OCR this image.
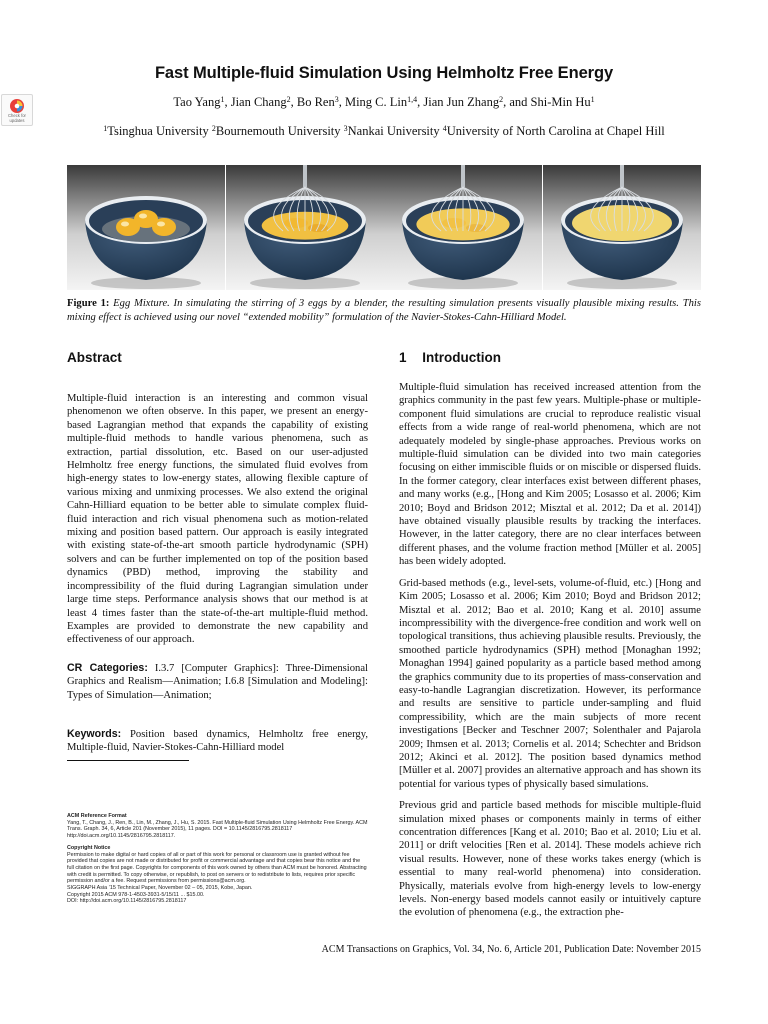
Check for
updates
Fast Multiple-fluid Simulation Using Helmholtz Free Energy
Tao Yang$^1$, Jian Chang$^2$, Bo Ren$^3$, Ming C. Lin$^{1,4}$, Jian Jun Zhang$^2$, and Shi-Min Hu$^1$
$^1$Tsinghua University $^2$Bournemouth University $^3$Nankai University $^4$University of North Carolina at Chapel Hill
Figure 1: Egg Mixture. In simulating the stirring of 3 eggs by a blender, the resulting simulation presents visually plausible mixing results. This mixing effect is achieved using our novel “extended mobility” formulation of the Navier-Stokes-Cahn-Hilliard Model.
Abstract

Multiple-fluid interaction is an interesting and common visual phenomenon we often observe. In this paper, we present an energy-based Lagrangian method that expands the capability of existing multiple-fluid methods to handle various phenomena, such as extraction, partial dissolution, etc. Based on our user-adjusted Helmholtz free energy functions, the simulated fluid evolves from high-energy states to low-energy states, allowing flexible capture of various mixing and unmixing processes. We also extend the original Cahn-Hilliard equation to be better able to simulate complex fluid-fluid interaction and rich visual phenomena such as motion-related mixing and position based pattern. Our approach is easily integrated with existing state-of-the-art smooth particle hydrodynamic (SPH) solvers and can be further implemented on top of the position based dynamics (PBD) method, improving the stability and incompressibility of the fluid during Lagrangian simulation under large time steps. Performance analysis shows that our method is at least 4 times faster than the state-of-the-art multiple-fluid method. Examples are provided to demonstrate the new capability and effectiveness of our approach.

CR Categories: I.3.7 [Computer Graphics]: Three-Dimensional Graphics and Realism—Animation; I.6.8 [Simulation and Modeling]: Types of Simulation—Animation;
Keywords: Position based dynamics, Helmholtz free energy, Multiple-fluid, Navier-Stokes-Cahn-Hilliard model
ACM Reference Format
Yang, T., Chang, J., Ren, B., Lin, M., Zhang, J., Hu, S. 2015. Fast Multiple-fluid Simulation Using Helmholtz Free Energy. ACM Trans. Graph. 34, 6, Article 201 (November 2015), 11 pages. DOI = 10.1145/2816795.2818117 http://doi.acm.org/10.1145/2816795.2818117.
Copyright Notice
Permission to make digital or hard copies of all or part of this work for personal or classroom use is granted without fee provided that copies are not made or distributed for profit or commercial advantage and that copies bear this notice and the full citation on the first page. Copyrights for components of this work owned by others than ACM must be honored. Abstracting with credit is permitted. To copy otherwise, or republish, to post on servers or to redistribute to lists, requires prior specific permission and/or a fee. Request permissions from permissions@acm.org.
SIGGRAPH Asia ’15 Technical Paper, November 02 – 05, 2015, Kobe, Japan.
Copyright 2015 ACM 978-1-4503-3931-5/15/11 ... $15.00.
DOI: http://doi.acm.org/10.1145/2816795.2818117
1 Introduction

Multiple-fluid simulation has received increased attention from the graphics community in the past few years. Multiple-phase or multiple-component fluid simulations are crucial to reproduce realistic visual effects from a wide range of real-world phenomena, which are not adequately modeled by single-phase approaches. Previous works on multiple-fluid simulation can be divided into two main categories focusing on either immiscible fluids or on miscible or dispersed fluids. In the former category, clear interfaces exist between different phases, and many works (e.g., [Hong and Kim 2005; Losasso et al. 2006; Kim 2010; Boyd and Bridson 2012; Misztal et al. 2012; Da et al. 2014]) have obtained visually plausible results by tracking the interfaces. However, in the latter category, there are no clear interfaces between different phases, and the volume fraction method [Müller et al. 2005] has been widely adopted.

Grid-based methods (e.g., level-sets, volume-of-fluid, etc.) [Hong and Kim 2005; Losasso et al. 2006; Kim 2010; Boyd and Bridson 2012; Misztal et al. 2012; Bao et al. 2010; Kang et al. 2010] assume incompressibility with the divergence-free condition and work well on topological transitions, thus achieving plausible results. Previously, the smoothed particle hydrodynamics (SPH) method [Monaghan 1992; Monaghan 1994] gained popularity as a particle based method among the graphics community due to its properties of mass-conservation and easy-to-handle Lagrangian discretization. However, its performance and results are sensitive to particle under-sampling and fluid compressibility, which are the main subjects of more recent investigations [Becker and Teschner 2007; Solenthaler and Pajarola 2009; Ihmsen et al. 2013; Cornelis et al. 2014; Schechter and Bridson 2012; Akinci et al. 2012]. The position based dynamics method [Müller et al. 2007] provides an alternative approach and has shown its potential for various types of physically based simulations.

Previous grid and particle based methods for miscible multiple-fluid simulation mixed phases or components mainly in terms of either concentration differences [Kang et al. 2010; Bao et al. 2010; Liu et al. 2011] or drift velocities [Ren et al. 2014]. These models achieve rich visual results. However, none of these works takes energy (which is essential to many real-world phenomena) into consideration. Physically, materials evolve from high-energy levels to low-energy levels. Non-energy based models cannot easily or intuitively capture the evolution of phenomena (e.g., the extraction phe-

ACM Transactions on Graphics, Vol. 34, No. 6, Article 201, Publication Date: November 2015
